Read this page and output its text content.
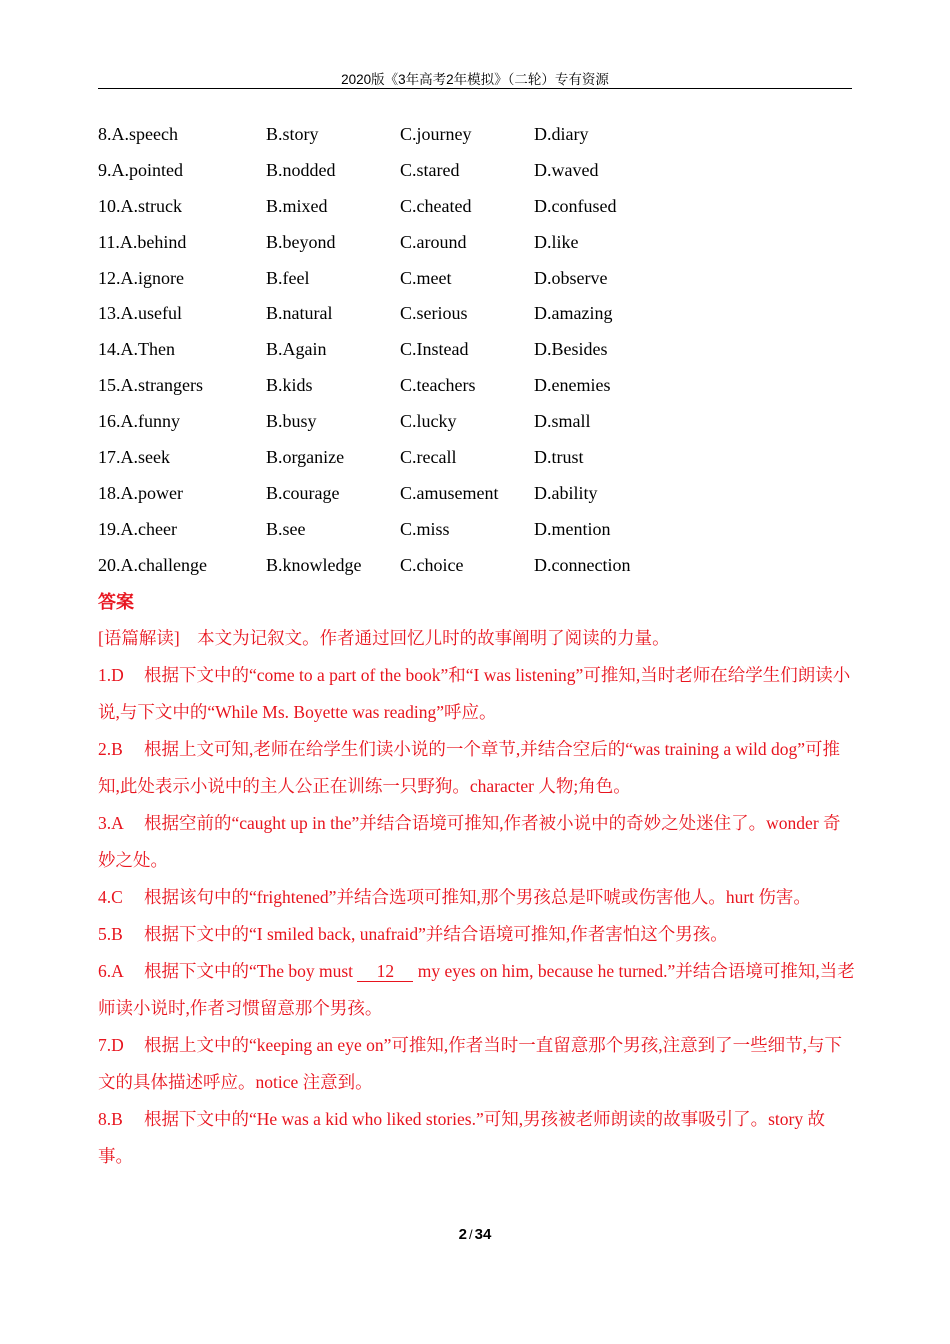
2020版《3年高考2年模拟》（二轮）专有资源
8.A.speech	B.story	C.journey	D.diary
9.A.pointed	B.nodded	C.stared	D.waved
10.A.struck	B.mixed	C.cheated	D.confused
11.A.behind	B.beyond	C.around	D.like
12.A.ignore	B.feel	C.meet	D.observe
13.A.useful	B.natural	C.serious	D.amazing
14.A.Then	B.Again	C.Instead	D.Besides
15.A.strangers	B.kids	C.teachers	D.enemies
16.A.funny	B.busy	C.lucky	D.small
17.A.seek	B.organize	C.recall	D.trust
18.A.power	B.courage	C.amusement D.ability
19.A.cheer	B.see	C.miss	D.mention
20.A.challenge	B.knowledge C.choice	D.connection
答案

[语篇解读]　本文为记叙文。作者通过回忆儿时的故事阐明了阅读的力量。

1.D 根据下文中的“come to a part of the book”和“I was listening”可推知,当时老师在给学生们朗读小说,与下文中的“While Ms. Boyette was reading”呼应。

2.B 根据上文可知,老师在给学生们读小说的一个章节,并结合空后的“was training a wild dog”可推知,此处表示小说中的主人公正在训练一只野狗。character 人物;角色。

3.A 根据空前的“caught up in the”并结合语境可推知,作者被小说中的奇妙之处迷住了。wonder 奇妙之处。

4.C 根据该句中的“frightened”并结合选项可推知,那个男孩总是吓唬或伤害他人。hurt 伤害。

5.B 根据下文中的“I smiled back, unafraid”并结合语境可推知,作者害怕这个男孩。

6.A 根据下文中的“The boy must 12 my eyes on him, because he turned.”并结合语境可推知,当老师读小说时,作者习惯留意那个男孩。

7.D 根据上文中的“keeping an eye on”可推知,作者当时一直留意那个男孩,注意到了一些细节,与下文的具体描述呼应。notice 注意到。

8.B 根据下文中的“He was a kid who liked stories.”可知,男孩被老师朗读的故事吸引了。story 故事。

2 / 34
